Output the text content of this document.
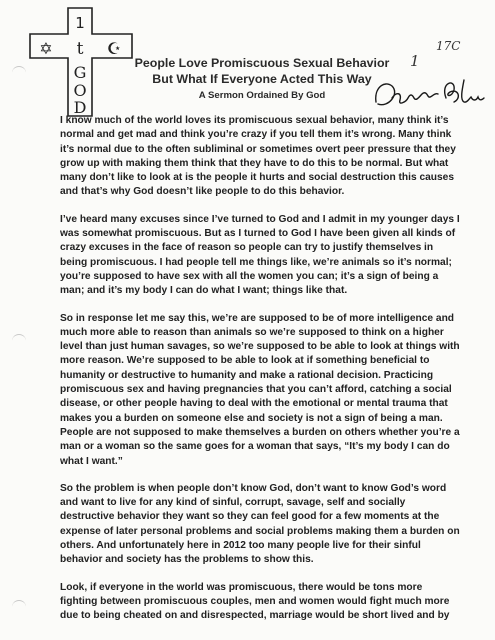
1
✡ t ☪
G
O
D
People Love Promiscuous Sexual Behavior
But What If Everyone Acted This Way
A Sermon Ordained By God
17C
1

I know much of the world loves its promiscuous sexual behavior, many think it’s normal and get mad and think you’re crazy if you tell them it’s wrong. Many think it’s normal due to the often subliminal or sometimes overt peer pressure that they grow up with making them think that they have to do this to be normal. But what many don’t like to look at is the people it hurts and social destruction this causes and that’s why God doesn’t like people to do this behavior.

I’ve heard many excuses since I’ve turned to God and I admit in my younger days I was somewhat promiscuous. But as I turned to God I have been given all kinds of crazy excuses in the face of reason so people can try to justify themselves in being promiscuous. I had people tell me things like, we’re animals so it’s normal; you’re supposed to have sex with all the women you can; it’s a sign of being a man; and it’s my body I can do what I want; things like that.

So in response let me say this, we’re are supposed to be of more intelligence and much more able to reason than animals so we’re supposed to think on a higher level than just human savages, so we’re supposed to be able to look at things with more reason. We’re supposed to be able to look at if something beneficial to humanity or destructive to humanity and make a rational decision. Practicing promiscuous sex and having pregnancies that you can’t afford, catching a social disease, or other people having to deal with the emotional or mental trauma that makes you a burden on someone else and society is not a sign of being a man. People are not supposed to make themselves a burden on others whether you’re a man or a woman so the same goes for a woman that says, “It’s my body I can do what I want.”

So the problem is when people don’t know God, don’t want to know God’s word and want to live for any kind of sinful, corrupt, savage, self and socially destructive behavior they want so they can feel good for a few moments at the expense of later personal problems and social problems making them a burden on others. And unfortunately here in 2012 too many people live for their sinful behavior and society has the problems to show this.

Look, if everyone in the world was promiscuous, there would be tons more fighting between promiscuous couples, men and women would fight much more due to being cheated on and disrespected, marriage would be short lived and by
